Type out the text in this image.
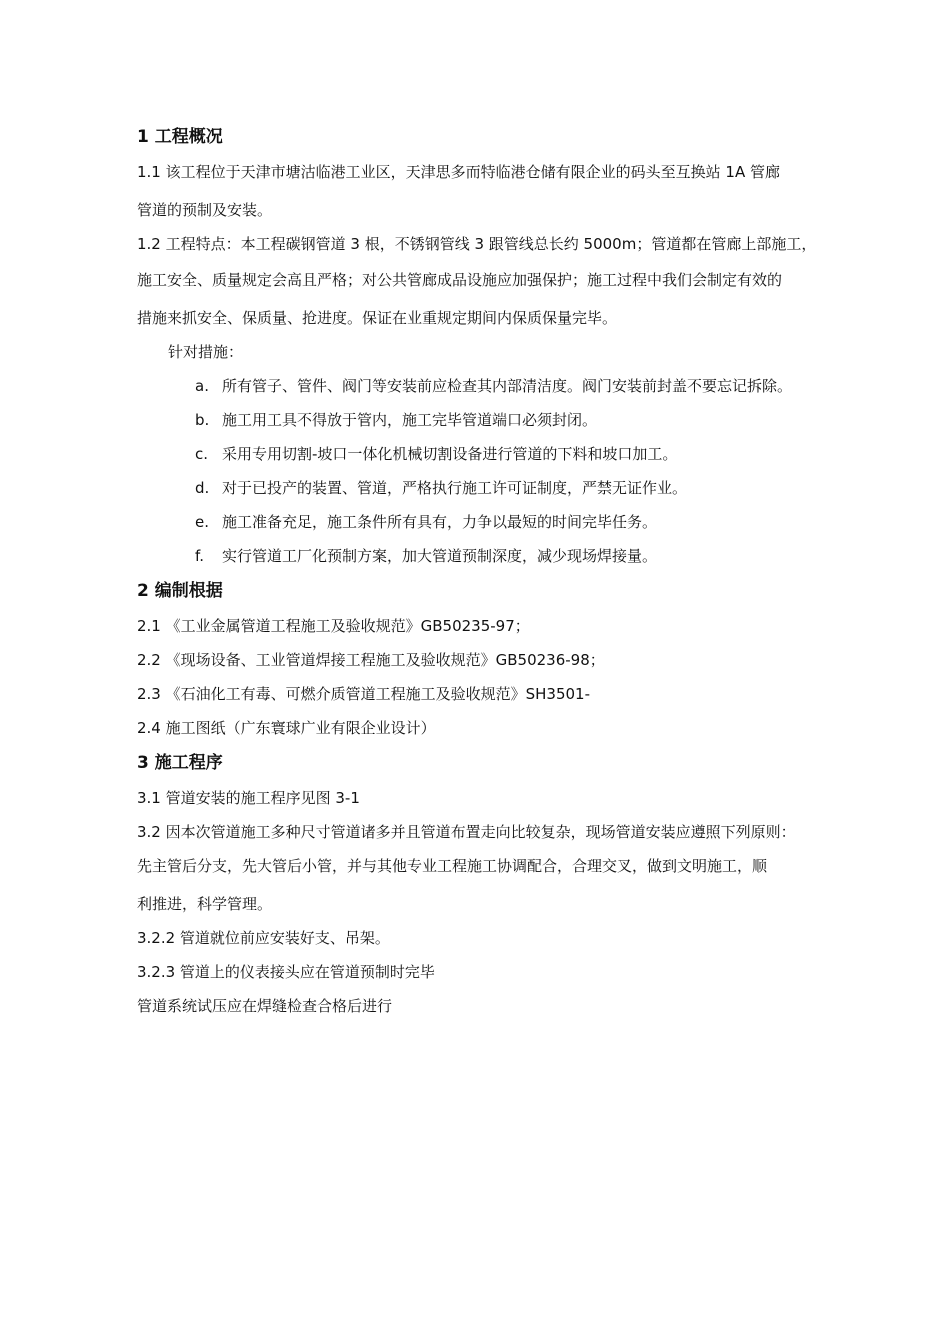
1 工程概况
1.1 该工程位于天津市塘沽临港工业区，天津思多而特临港仓储有限企业的码头至互换站 1A 管廊
管道的预制及安装。
1.2 工程特点：本工程碳钢管道 3 根，不锈钢管线 3 跟管线总长约 5000m；管道都在管廊上部施工，
施工安全、质量规定会高且严格；对公共管廊成品设施应加强保护；施工过程中我们会制定有效的
措施来抓安全、保质量、抢进度。保证在业重规定期间内保质保量完毕。
针对措施：
a. 所有管子、管件、阀门等安装前应检查其内部清洁度。阀门安装前封盖不要忘记拆除。
b. 施工用工具不得放于管内，施工完毕管道端口必须封闭。
c. 采用专用切割-坡口一体化机械切割设备进行管道的下料和坡口加工。
d. 对于已投产的装置、管道，严格执行施工许可证制度，严禁无证作业。
e. 施工准备充足，施工条件所有具有，力争以最短的时间完毕任务。
f. 实行管道工厂化预制方案，加大管道预制深度，减少现场焊接量。
2 编制根据
2.1 《工业金属管道工程施工及验收规范》GB50235-97；
2.2 《现场设备、工业管道焊接工程施工及验收规范》GB50236-98；
2.3 《石油化工有毒、可燃介质管道工程施工及验收规范》SH3501-
2.4 施工图纸（广东寰球广业有限企业设计）
3 施工程序
3.1 管道安装的施工程序见图 3-1
3.2 因本次管道施工多种尺寸管道诸多并且管道布置走向比较复杂，现场管道安装应遵照下列原则：
先主管后分支，先大管后小管，并与其他专业工程施工协调配合，合理交叉，做到文明施工，顺
利推进，科学管理。
3.2.2 管道就位前应安装好支、吊架。
3.2.3 管道上的仪表接头应在管道预制时完毕
管道系统试压应在焊缝检查合格后进行
